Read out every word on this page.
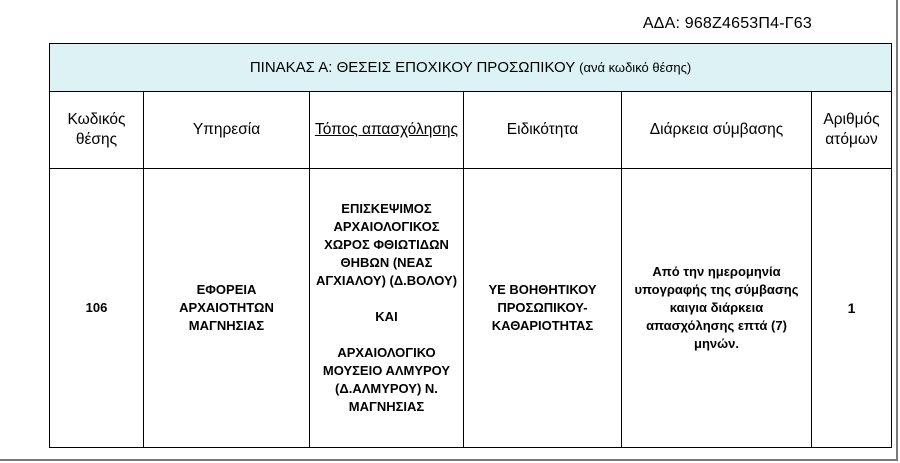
ΑΔΑ: 968Ζ4653Π4-Γ63
ΠΙΝΑΚΑΣ Α: ΘΕΣΕΙΣ ΕΠΟΧΙΚΟΥ ΠΡΟΣΩΠΙΚΟΥ (ανά κωδικό θέσης)					
Κωδικός θέσης	Υπηρεσία	Τόπος απασχόλησης	Ειδικότητα	Διάρκεια σύμβασης	Αριθμός ατόμων
106	ΕΦΟΡΕΙΑ ΑΡΧΑΙΟΤΗΤΩΝ ΜΑΓΝΗΣΙΑΣ	ΕΠΙΣΚΕΨΙΜΟΣ ΑΡΧΑΙΟΛΟΓΙΚΟΣ ΧΩΡΟΣ ΦΘΙΩΤΙΔΩΝ ΘΗΒΩΝ (ΝΕΑΣ ΑΓΧΙΑΛΟΥ) (Δ.ΒΟΛΟΥ)
ΚΑΙ
ΑΡΧΑΙΟΛΟΓΙΚΟ ΜΟΥΣΕΙΟ ΑΛΜΥΡΟΥ (Δ.ΑΛΜΥΡΟΥ) Ν. ΜΑΓΝΗΣΙΑΣ	ΥΕ ΒΟΗΘΗΤΙΚΟΥ ΠΡΟΣΩΠΙΚΟΥ-ΚΑΘΑΡΙΟΤΗΤΑΣ	Από την ημερομηνία υπογραφής της σύμβασης καιγια διάρκεια απασχόλησης επτά (7) μηνών.	1
